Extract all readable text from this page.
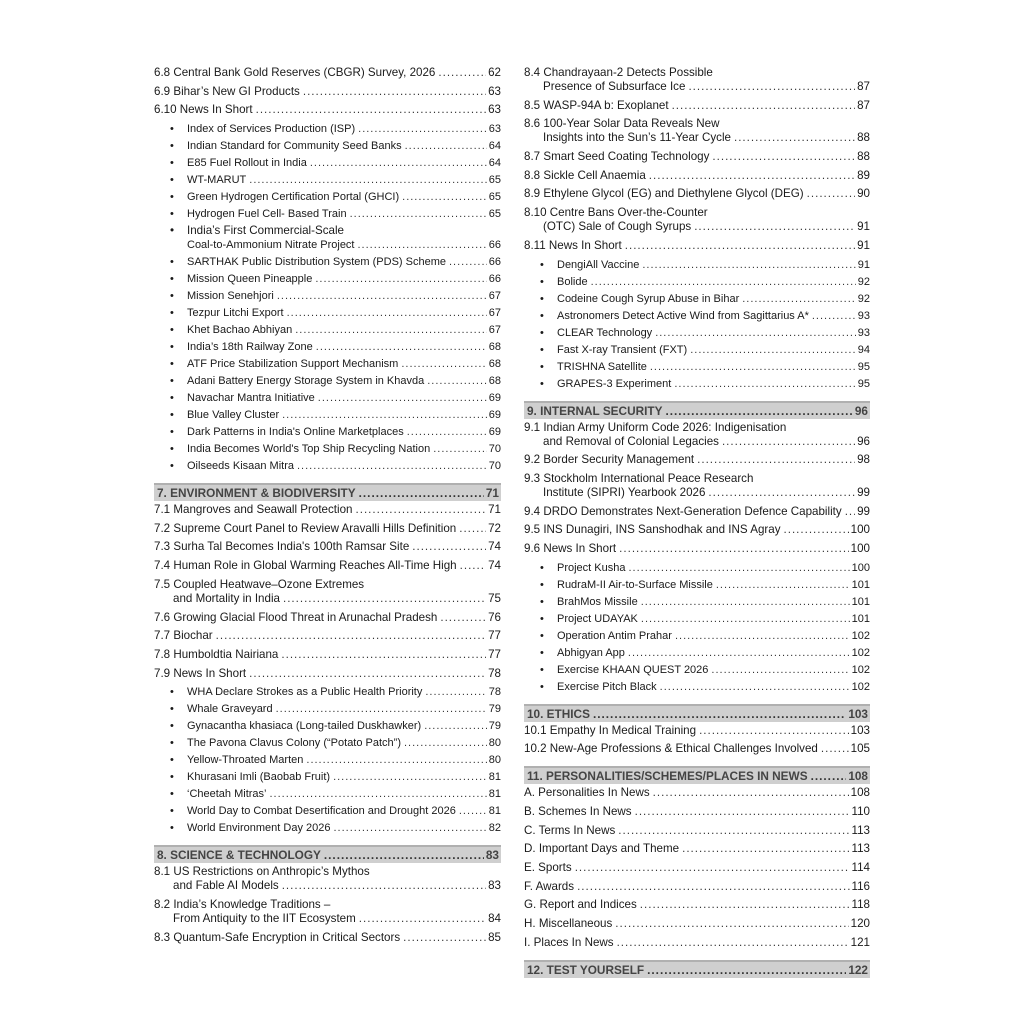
6.8 Central Bank Gold Reserves (CBGR) Survey, 2026 .....	62
6.9 Bihar’s New GI Products .....	63
6.10 News In Short .....	63
• Index of Services Production (ISP) .....	63
• Indian Standard for Community Seed Banks .....	64
• E85 Fuel Rollout in India .....	64
• WT-MARUT .....	65
• Green Hydrogen Certification Portal (GHCI) .....	65
• Hydrogen Fuel Cell- Based Train .....	65
• India’s First Commercial-Scale
Coal-to-Ammonium Nitrate Project .....	66
• SARTHAK Public Distribution System (PDS) Scheme .....	66
• Mission Queen Pineapple .....	66
• Mission Senehjori .....	67
• Tezpur Litchi Export .....	67
• Khet Bachao Abhiyan .....	67
• India’s 18th Railway Zone .....	68
• ATF Price Stabilization Support Mechanism .....	68
• Adani Battery Energy Storage System in Khavda .....	68
• Navachar Mantra Initiative .....	69
• Blue Valley Cluster .....	69
• Dark Patterns in India's Online Marketplaces .....	69
• India Becomes World's Top Ship Recycling Nation .....	70
• Oilseeds Kisaan Mitra .....	70
7. ENVIRONMENT & BIODIVERSITY .....	71
7.1 Mangroves and Seawall Protection .....	71
7.2 Supreme Court Panel to Review Aravalli Hills Definition .....	72
7.3 Surha Tal Becomes India's 100th Ramsar Site .....	74
7.4 Human Role in Global Warming Reaches All-Time High .....	74
7.5 Coupled Heatwave–Ozone Extremes
and Mortality in India .....	75
7.6 Growing Glacial Flood Threat in Arunachal Pradesh .....	76
7.7 Biochar .....	77
7.8 Humboldtia Nairiana .....	77
7.9 News In Short .....	78
• WHA Declare Strokes as a Public Health Priority .....	78
• Whale Graveyard .....	79
• Gynacantha khasiaca (Long-tailed Duskhawker) .....	79
• The Pavona Clavus Colony (“Potato Patch”) .....	80
• Yellow-Throated Marten .....	80
• Khurasani Imli (Baobab Fruit) .....	81
• ‘Cheetah Mitras’ .....	81
• World Day to Combat Desertification and Drought 2026 .....	81
• World Environment Day 2026 .....	82
8. SCIENCE & TECHNOLOGY .....	83
8.1 US Restrictions on Anthropic’s Mythos
and Fable AI Models .....	83
8.2 India’s Knowledge Traditions –
From Antiquity to the IIT Ecosystem .....	84
8.3 Quantum-Safe Encryption in Critical Sectors .....	85
8.4 Chandrayaan-2 Detects Possible
Presence of Subsurface Ice .....	87
8.5 WASP-94A b: Exoplanet .....	87
8.6 100-Year Solar Data Reveals New
Insights into the Sun’s 11-Year Cycle .....	88
8.7 Smart Seed Coating Technology .....	88
8.8 Sickle Cell Anaemia .....	89
8.9 Ethylene Glycol (EG) and Diethylene Glycol (DEG) .....	90
8.10 Centre Bans Over-the-Counter
(OTC) Sale of Cough Syrups .....	91
8.11 News In Short .....	91
• DengiAll Vaccine .....	91
• Bolide .....	92
• Codeine Cough Syrup Abuse in Bihar .....	92
• Astronomers Detect Active Wind from Sagittarius A* .....	93
• CLEAR Technology .....	93
• Fast X-ray Transient (FXT) .....	94
• TRISHNA Satellite .....	95
• GRAPES-3 Experiment .....	95
9. INTERNAL SECURITY .....	96
9.1 Indian Army Uniform Code 2026: Indigenisation
and Removal of Colonial Legacies .....	96
9.2 Border Security Management .....	98
9.3 Stockholm International Peace Research
Institute (SIPRI) Yearbook 2026 .....	99
9.4 DRDO Demonstrates Next-Generation Defence Capability ..... 99
9.5 INS Dunagiri, INS Sanshodhak and INS Agray .....	100
9.6 News In Short .....	100
• Project Kusha .....	100
• RudraM-II Air-to-Surface Missile .....	101
• BrahMos Missile .....	101
• Project UDAYAK .....	101
• Operation Antim Prahar .....	102
• Abhigyan App .....	102
• Exercise KHAAN QUEST 2026 .....	102
• Exercise Pitch Black .....	102
10. ETHICS .....	103
10.1 Empathy In Medical Training .....	103
10.2 New-Age Professions & Ethical Challenges Involved .....	105
11. PERSONALITIES/SCHEMES/PLACES IN NEWS .....	108
A. Personalities In News .....	108
B. Schemes In News .....	110
C. Terms In News .....	113
D. Important Days and Theme .....	113
E. Sports .....	114
F. Awards .....	116
G. Report and Indices .....	118
H. Miscellaneous .....	120
I. Places In News .....	121
12. TEST YOURSELF .....	122
